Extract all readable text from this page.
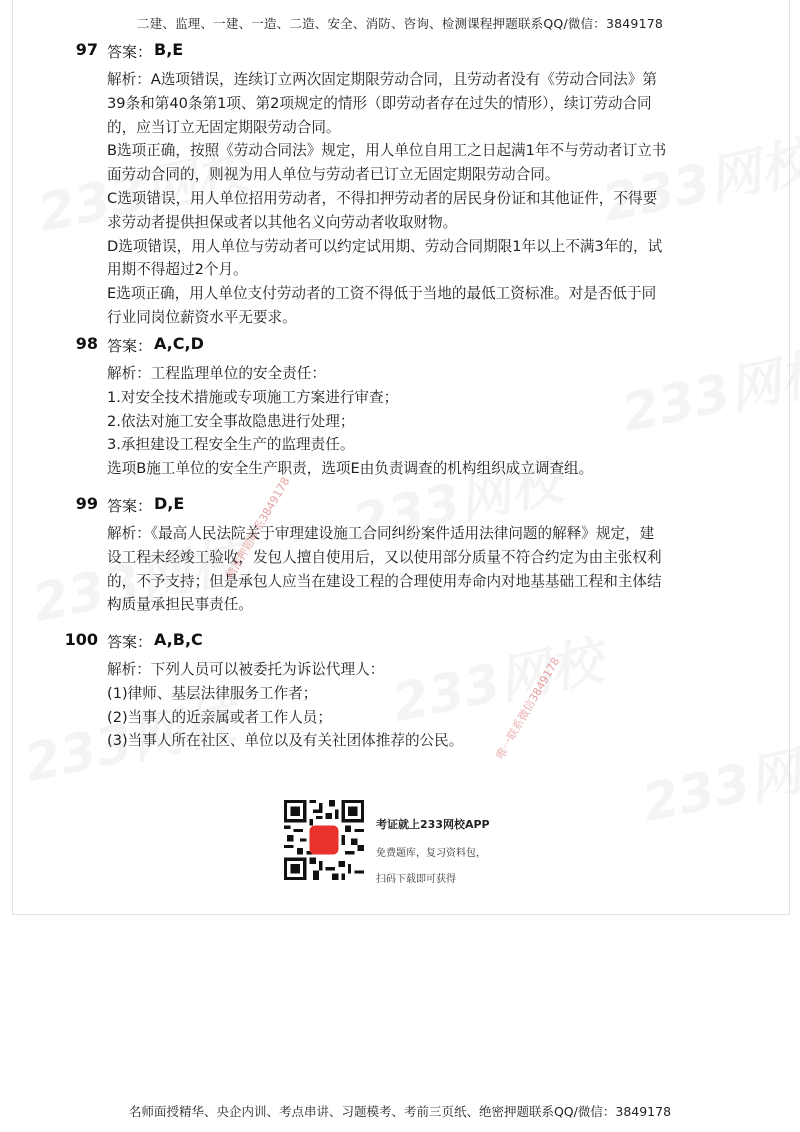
二建、监理、一建、一造、二造、安全、消防、咨询、检测课程押题联系QQ/微信：3849178
精准押题联系3849178
唯一联系微信3849178
97 答案： B,E

解析：A选项错误，连续订立两次固定期限劳动合同，且劳动者没有《劳动合同法》第

39条和第40条第1项、第2项规定的情形（即劳动者存在过失的情形），续订劳动合同

的，应当订立无固定期限劳动合同。

B选项正确，按照《劳动合同法》规定，用人单位自用工之日起满1年不与劳动者订立书

面劳动合同的，则视为用人单位与劳动者已订立无固定期限劳动合同。

C选项错误，用人单位招用劳动者，不得扣押劳动者的居民身份证和其他证件，不得要

求劳动者提供担保或者以其他名义向劳动者收取财物。

D选项错误，用人单位与劳动者可以约定试用期、劳动合同期限1年以上不满3年的，试

用期不得超过2个月。

E选项正确，用人单位支付劳动者的工资不得低于当地的最低工资标准。对是否低于同

行业同岗位薪资水平无要求。

98 答案： A,C,D

解析：工程监理单位的安全责任：

1.对安全技术措施或专项施工方案进行审查；

2.依法对施工安全事故隐患进行处理；

3.承担建设工程安全生产的监理责任。

选项B施工单位的安全生产职责，选项E由负责调查的机构组织成立调查组。

99 答案： D,E

解析：《最高人民法院关于审理建设施工合同纠纷案件适用法律问题的解释》规定，建

设工程未经竣工验收，发包人擅自使用后，又以使用部分质量不符合约定为由主张权利

的，不予支持；但是承包人应当在建设工程的合理使用寿命内对地基基础工程和主体结

构质量承担民事责任。

100 答案： A,B,C

解析：下列人员可以被委托为诉讼代理人：

(1)律师、基层法律服务工作者；

(2)当事人的近亲属或者工作人员；

(3)当事人所在社区、单位以及有关社团体推荐的公民。

考证就上233网校APP
免费题库，复习资料包，
扫码下载即可获得
名师面授精华、央企内训、考点串讲、习题模考、考前三页纸、绝密押题联系QQ/微信：3849178
